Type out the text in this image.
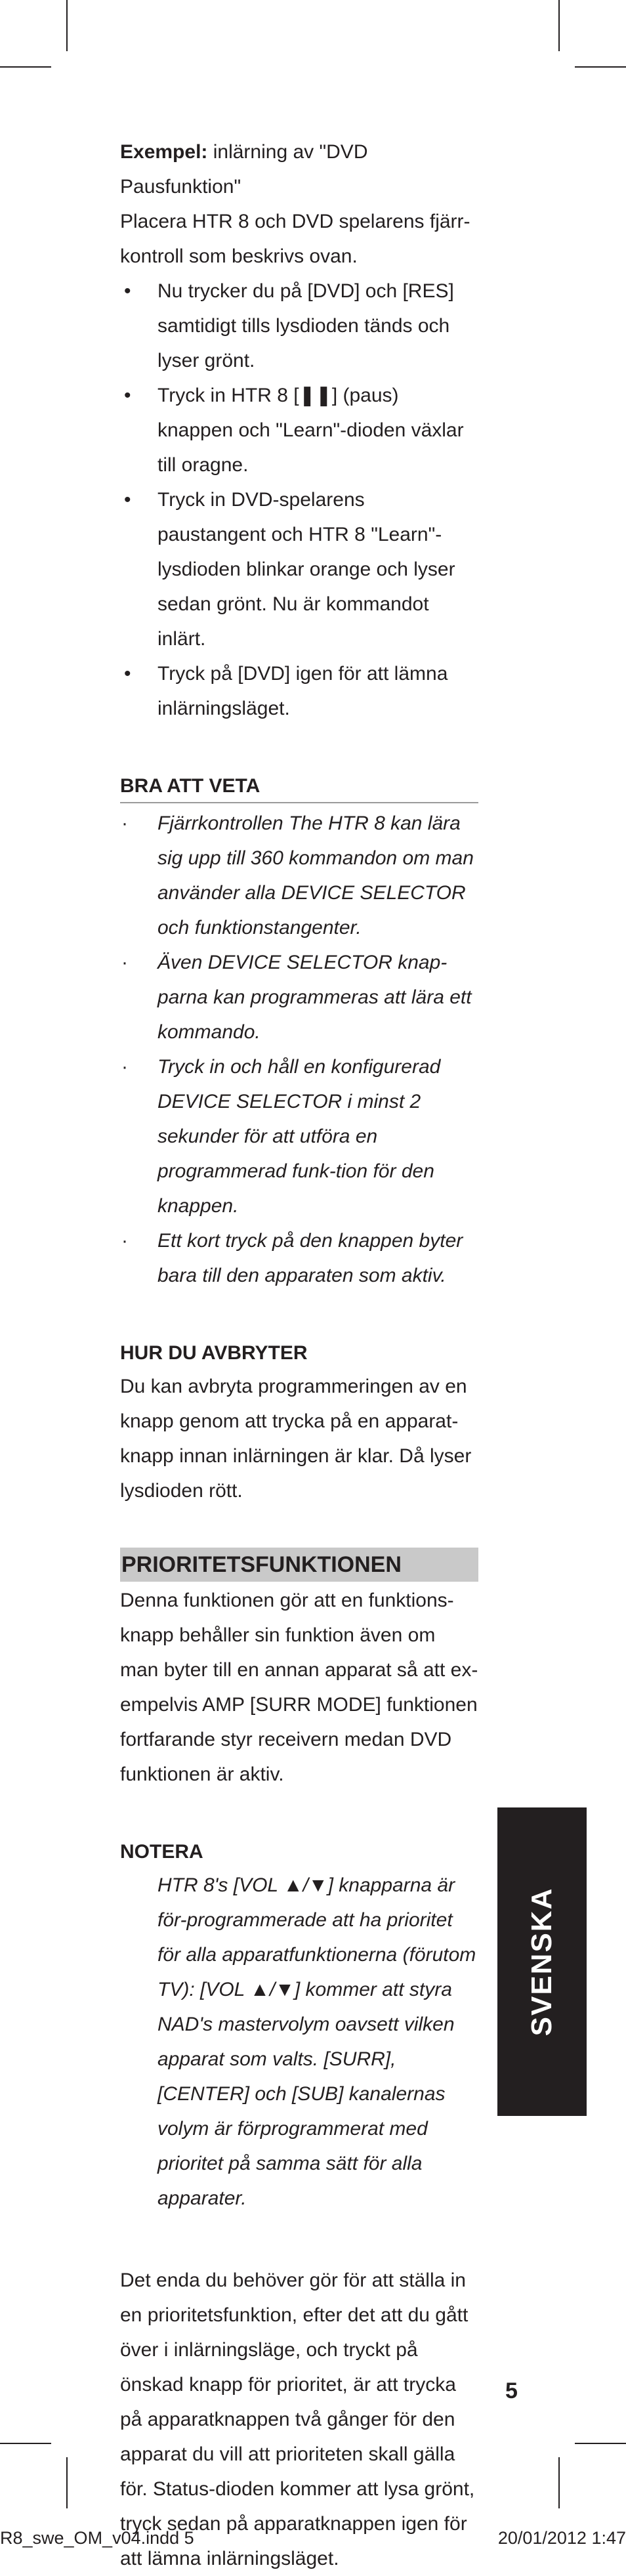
Exempel: inlärning av "DVD Pausfunktion"

Placera HTR 8 och DVD spelarens fjärr-kontroll som beskrivs ovan.

• Nu trycker du på [DVD] och [RES] samtidigt tills lysdioden tänds och lyser grönt.
• Tryck in HTR 8 [❚❚] (paus) knappen och "Learn"-dioden växlar till oragne.
• Tryck in DVD-spelarens paustangent och HTR 8 "Learn"-lysdioden blinkar orange och lyser sedan grönt. Nu är kommandot inlärt.
• Tryck på [DVD] igen för att lämna inlärningsläget.
BRA ATT VETA
· Fjärrkontrollen The HTR 8 kan lära sig upp till 360 kommandon om man använder alla DEVICE SELECTOR och funktionstangenter.
· Även DEVICE SELECTOR knap-parna kan programmeras att lära ett kommando.
· Tryck in och håll en konfigurerad DEVICE SELECTOR i minst 2 sekunder för att utföra en programmerad funk-tion för den knappen.
· Ett kort tryck på den knappen byter bara till den apparaten som aktiv.
HUR DU AVBRYTER

Du kan avbryta programmeringen av en knapp genom att trycka på en apparat-knapp innan inlärningen är klar. Då lyser lysdioden rött.

PRIORITETSFUNKTIONEN

Denna funktionen gör att en funktions-knapp behåller sin funktion även om man byter till en annan apparat så att ex-empelvis AMP [SURR MODE] funktionen fortfarande styr receivern medan DVD funktionen är aktiv.

NOTERA

HTR 8's [VOL ▲/▼] knapparna är för-programmerade att ha prioritet för alla apparatfunktionerna (förutom TV): [VOL ▲/▼] kommer att styra NAD's mastervolym oavsett vilken apparat som valts. [SURR], [CENTER] och [SUB] kanalernas volym är förprogrammerat med prioritet på samma sätt för alla apparater.

Det enda du behöver gör för att ställa in en prioritetsfunktion, efter det att du gått över i inlärningsläge, och tryckt på önskad knapp för prioritet, är att trycka på apparatknappen två gånger för den apparat du vill att prioriteten skall gälla för. Status-dioden kommer att lysa grönt, tryck sedan på apparatknappen igen för att lämna inlärningsläget.

SVENSKA
5
R8_swe_OM_v04.indd 5	20/01/2012 1:47
